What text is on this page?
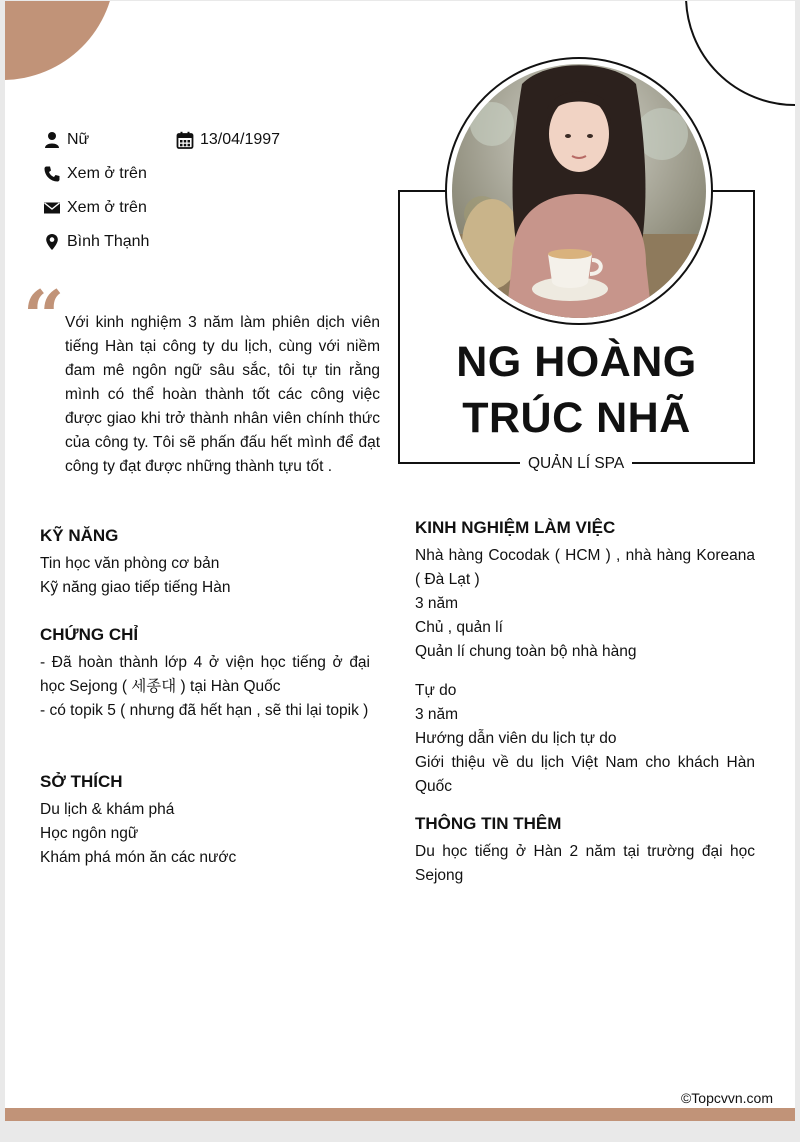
Nữ	13/04/1997
Xem ở trên
Xem ở trên
Bình Thạnh
“ Với kinh nghiệm 3 năm làm phiên dịch viên tiếng Hàn tại công ty du lịch, cùng với niềm đam mê ngôn ngữ sâu sắc, tôi tự tin rằng mình có thể hoàn thành tốt các công việc được giao khi trở thành nhân viên chính thức của công ty. Tôi sẽ phấn đấu hết mình để đạt công ty đạt được những thành tựu tốt .

NG HOÀNG
TRÚC NHÃ
QUẢN LÍ SPA
KỸ NĂNG
Tin học văn phòng cơ bản
Kỹ năng giao tiếp tiếng Hàn
CHỨNG CHỈ
- Đã hoàn thành lớp 4 ở viện học tiếng ở đại học Sejong ( 세종대 ) tại Hàn Quốc
- có topik 5 ( nhưng đã hết hạn , sẽ thi lại topik )
SỞ THÍCH
Du lịch & khám phá
Học ngôn ngữ
Khám phá món ăn các nước
KINH NGHIỆM LÀM VIỆC
Nhà hàng Cocodak ( HCM ) , nhà hàng Koreana ( Đà Lạt )
3 năm
Chủ , quản lí
Quản lí chung toàn bộ nhà hàng
Tự do
3 năm
Hướng dẫn viên du lịch tự do
Giới thiệu về du lịch Việt Nam cho khách Hàn Quốc
THÔNG TIN THÊM
Du học tiếng ở Hàn 2 năm tại trường đại học Sejong
©Topcvvn.com
